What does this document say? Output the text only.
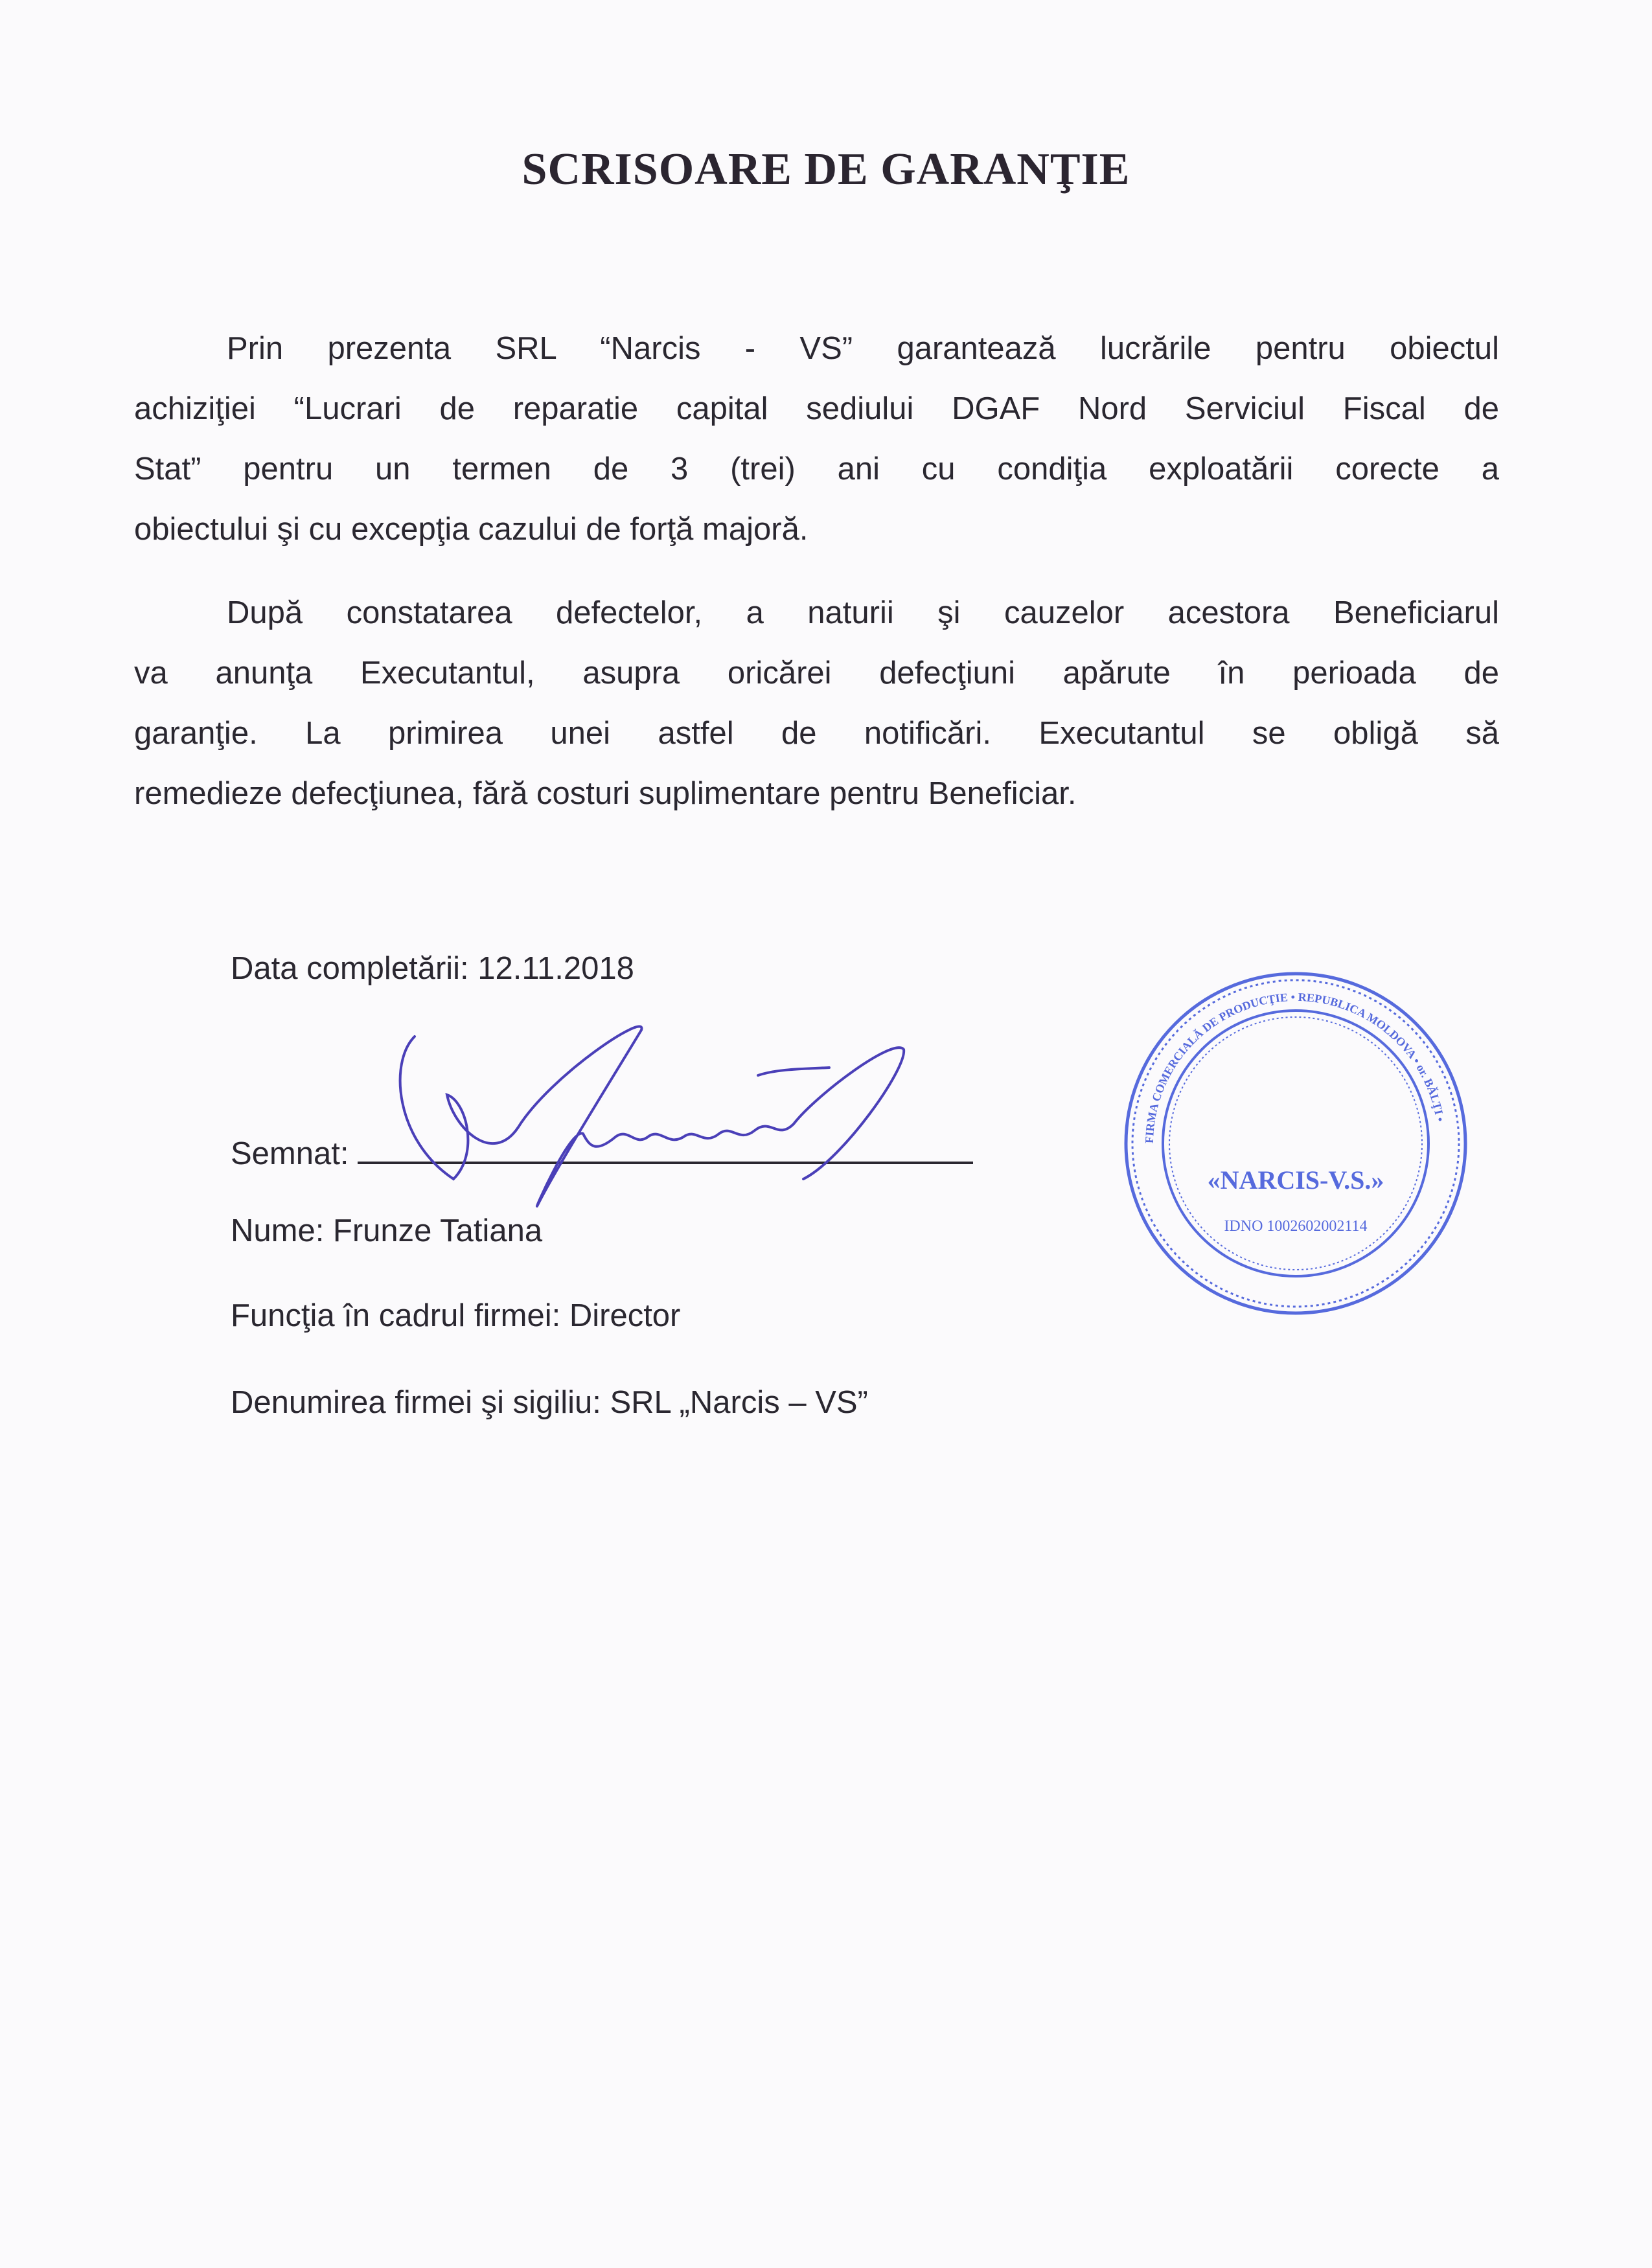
SCRISOARE DE GARANŢIE
Prin prezenta SRL “Narcis - VS” garantează lucrările pentru obiectul
achiziţiei “Lucrari de reparatie capital sediului DGAF Nord Serviciul Fiscal de
Stat” pentru un termen de 3 (trei) ani cu condiţia exploatării corecte a
obiectului şi cu excepţia cazului de forţă majoră.
După constatarea defectelor, a naturii şi cauzelor acestora Beneficiarul
va anunţa Executantul, asupra oricărei defecţiuni apărute în perioada de
garanţie. La primirea unei astfel de notificări. Executantul se obligă să
remedieze defecţiunea, fără costuri suplimentare pentru Beneficiar.
Data completării: 12.11.2018
Semnat:
Nume: Frunze Tatiana
Funcţia în cadrul firmei: Director
Denumirea firmei şi sigiliu: SRL „Narcis – VS”
FIRMA COMERCIALĂ DE PRODUCŢIE • REPUBLICA MOLDOVA • or. BĂLŢI •
«NARCIS-V.S.»
IDNO 1002602002114
